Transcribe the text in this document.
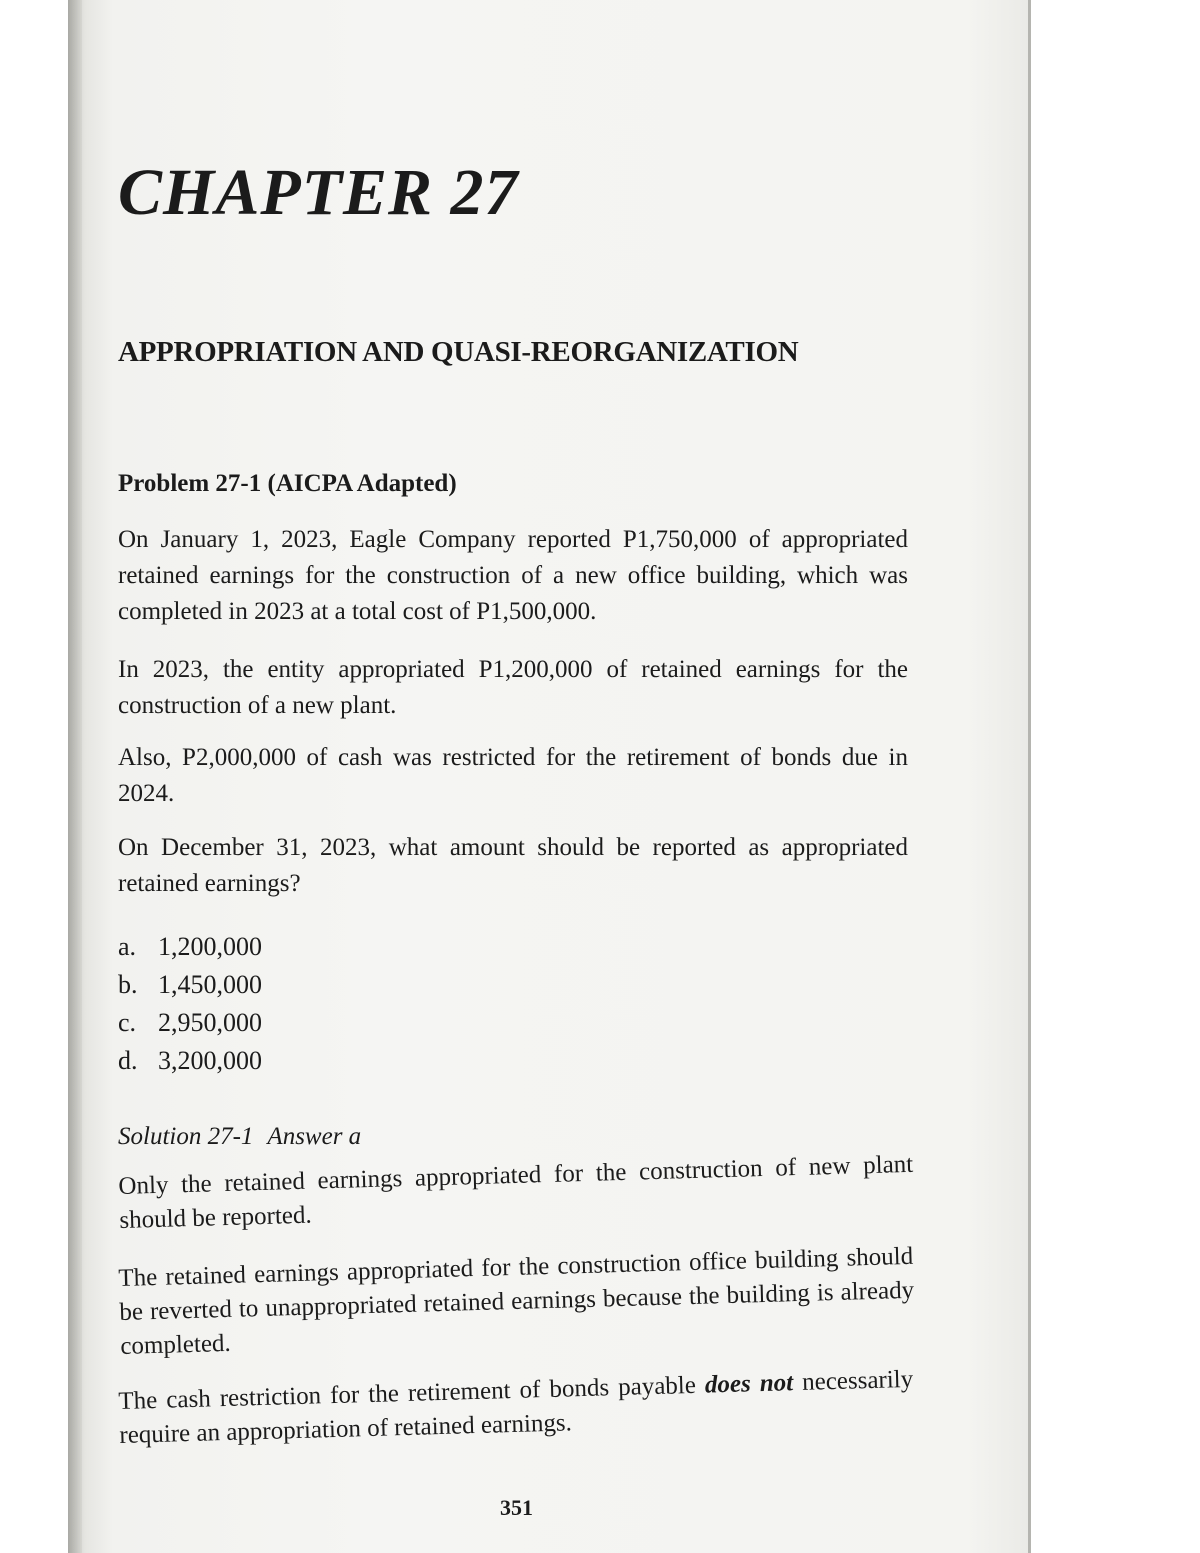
CHAPTER 27
APPROPRIATION AND QUASI-REORGANIZATION
Problem 27-1 (AICPA Adapted)

On January 1, 2023, Eagle Company reported P1,750,000 of appropriated retained earnings for the construction of a new office building, which was completed in 2023 at a total cost of P1,500,000.

In 2023, the entity appropriated P1,200,000 of retained earnings for the construction of a new plant.

Also, P2,000,000 of cash was restricted for the retirement of bonds due in 2024.

On December 31, 2023, what amount should be reported as appropriated retained earnings?

a. 1,200,000
b. 1,450,000
c. 2,950,000
d. 3,200,000
Solution 27-1 Answer a

Only the retained earnings appropriated for the construction of new plant should be reported.

The retained earnings appropriated for the construction office building should be reverted to unappropriated retained earnings because the building is already completed.

The cash restriction for the retirement of bonds payable does not necessarily require an appropriation of retained earnings.

351
